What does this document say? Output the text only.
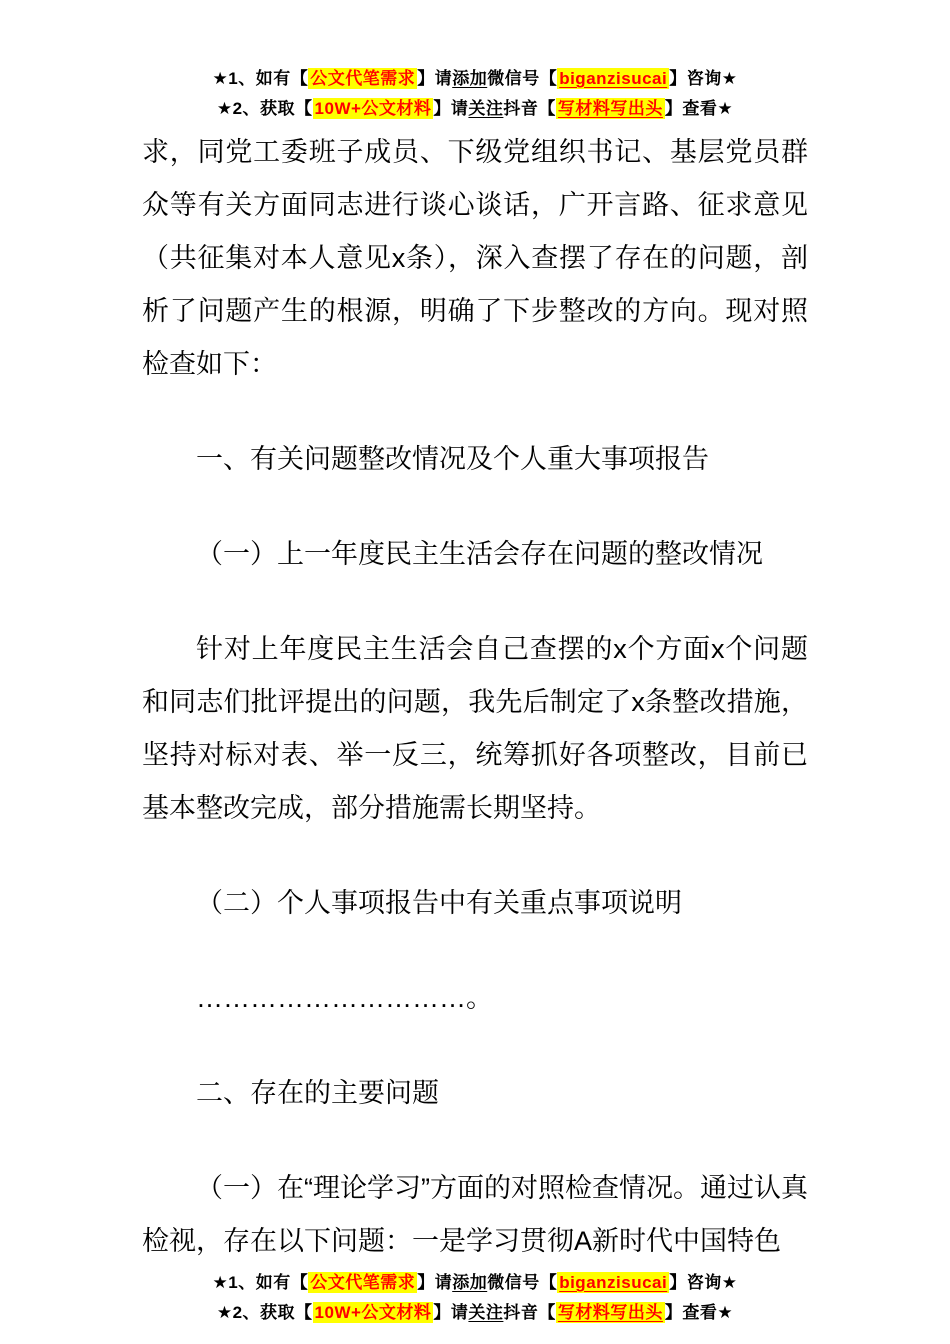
★1、如有【 公文代笔需求 】请添加微信号【 biganzisucai 】咨询★
★2、获取【 10W+公文材料 】请关注抖音【 写材料写出头 】查看★

求，同党工委班子成员、下级党组织书记、基层党员群众等有关方面同志进行谈心谈话，广开言路、征求意见（共征集对本人意见x条），深入查摆了存在的问题，剖析了问题产生的根源，明确了下步整改的方向。现对照检查如下：

一、有关问题整改情况及个人重大事项报告

（一）上一年度民主生活会存在问题的整改情况

针对上年度民主生活会自己查摆的x个方面x个问题和同志们批评提出的问题，我先后制定了x条整改措施，坚持对标对表、举一反三，统筹抓好各项整改，目前已基本整改完成，部分措施需长期坚持。

（二）个人事项报告中有关重点事项说明

…………………………。

二、存在的主要问题

（一）在“理论学习”方面的对照检查情况。通过认真检视，存在以下问题：一是学习贯彻A新时代中国特色

★1、如有【 公文代笔需求 】请添加微信号【 biganzisucai 】咨询★
★2、获取【 10W+公文材料 】请关注抖音【 写材料写出头 】查看★
